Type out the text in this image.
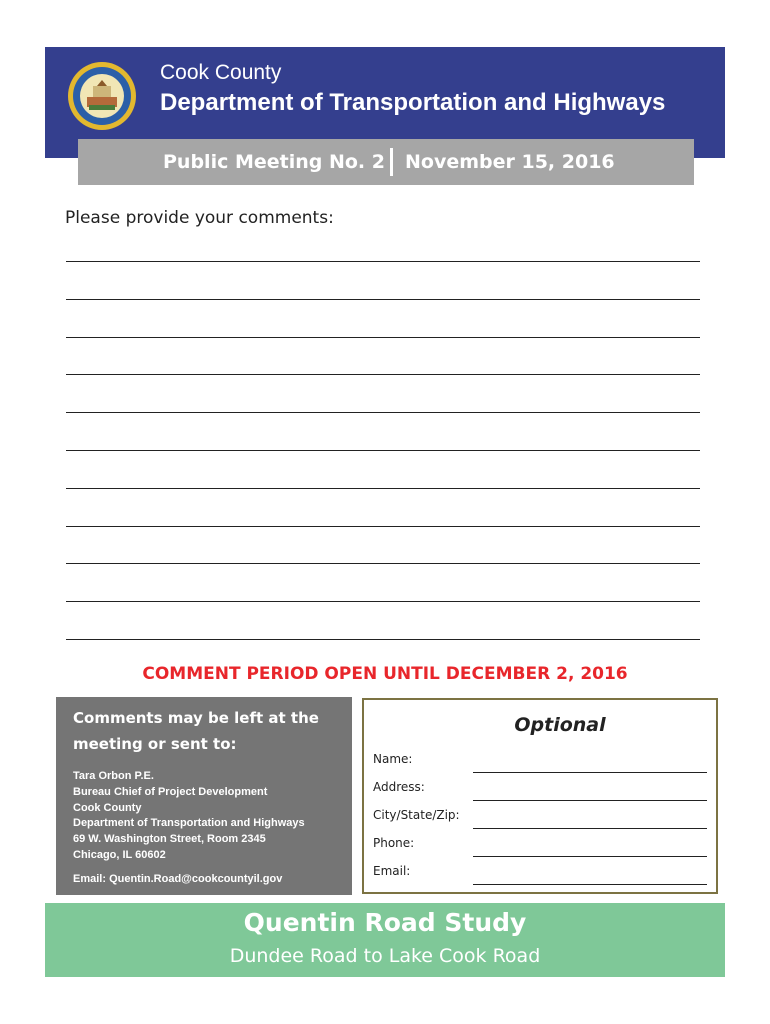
Cook County
Department of Transportation and Highways
Public Meeting No. 2 November 15, 2016
Please provide your comments:
COMMENT PERIOD OPEN UNTIL DECEMBER 2, 2016
Comments may be left at the meeting or sent to:
Tara Orbon P.E.
Bureau Chief of Project Development
Cook County
Department of Transportation and Highways
69 W. Washington Street, Room 2345
Chicago, IL 60602
Email: Quentin.Road@cookcountyil.gov
Optional
Name:
Address:
City/State/Zip:
Phone:
Email:
Quentin Road Study
Dundee Road to Lake Cook Road
